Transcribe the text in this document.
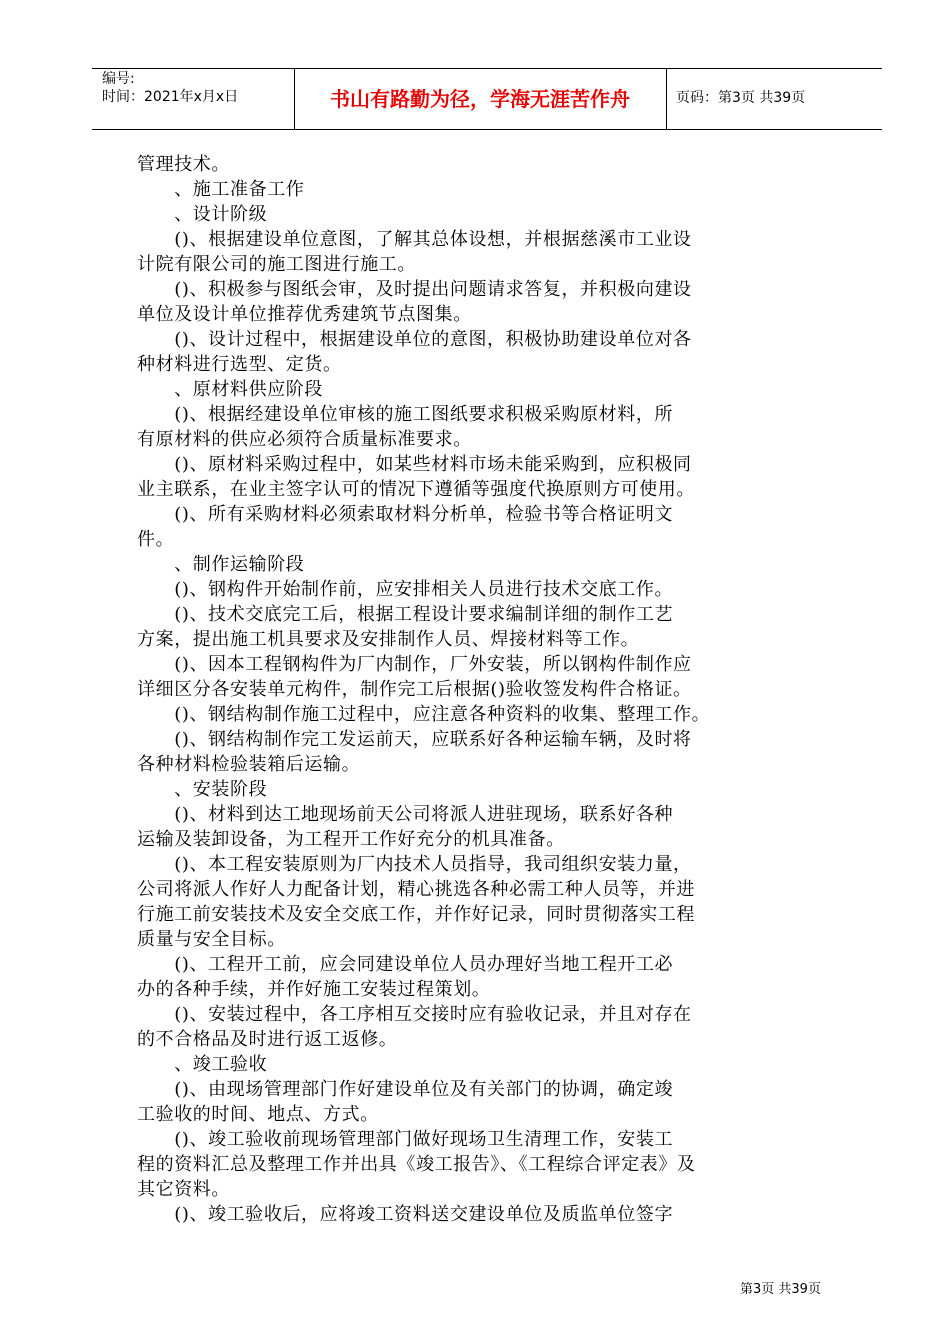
编号:
时间：2021年x月x日	书山有路勤为径，学海无涯苦作舟	页码：第3页 共39页

管理技术。

　　、施工准备工作

　　、设计阶级

　　()、根据建设单位意图，了解其总体设想，并根据慈溪市工业设

计院有限公司的施工图进行施工。

　　()、积极参与图纸会审，及时提出问题请求答复，并积极向建设

单位及设计单位推荐优秀建筑节点图集。

　　()、设计过程中，根据建设单位的意图，积极协助建设单位对各

种材料进行选型、定货。

　　、原材料供应阶段

　　()、根据经建设单位审核的施工图纸要求积极采购原材料，所

有原材料的供应必须符合质量标准要求。

　　()、原材料采购过程中，如某些材料市场未能采购到，应积极同

业主联系，在业主签字认可的情况下遵循等强度代换原则方可使用。

　　()、所有采购材料必须索取材料分析单，检验书等合格证明文

件。

　　、制作运输阶段

　　()、钢构件开始制作前，应安排相关人员进行技术交底工作。

　　()、技术交底完工后，根据工程设计要求编制详细的制作工艺

方案，提出施工机具要求及安排制作人员、焊接材料等工作。

　　()、因本工程钢构件为厂内制作，厂外安装，所以钢构件制作应

详细区分各安装单元构件，制作完工后根据()验收签发构件合格证。

　　()、钢结构制作施工过程中，应注意各种资料的收集、整理工作。

　　()、钢结构制作完工发运前天，应联系好各种运输车辆，及时将

各种材料检验装箱后运输。

　　、安装阶段

　　()、材料到达工地现场前天公司将派人进驻现场，联系好各种

运输及装卸设备，为工程开工作好充分的机具准备。

　　()、本工程安装原则为厂内技术人员指导，我司组织安装力量，

公司将派人作好人力配备计划，精心挑选各种必需工种人员等，并进

行施工前安装技术及安全交底工作，并作好记录，同时贯彻落实工程

质量与安全目标。

　　()、工程开工前，应会同建设单位人员办理好当地工程开工必

办的各种手续，并作好施工安装过程策划。

　　()、安装过程中，各工序相互交接时应有验收记录，并且对存在

的不合格品及时进行返工返修。

　　、竣工验收

　　()、由现场管理部门作好建设单位及有关部门的协调，确定竣

工验收的时间、地点、方式。

　　()、竣工验收前现场管理部门做好现场卫生清理工作，安装工

程的资料汇总及整理工作并出具《竣工报告》、《工程综合评定表》及

其它资料。

　　()、竣工验收后，应将竣工资料送交建设单位及质监单位签字

第3页 共39页
